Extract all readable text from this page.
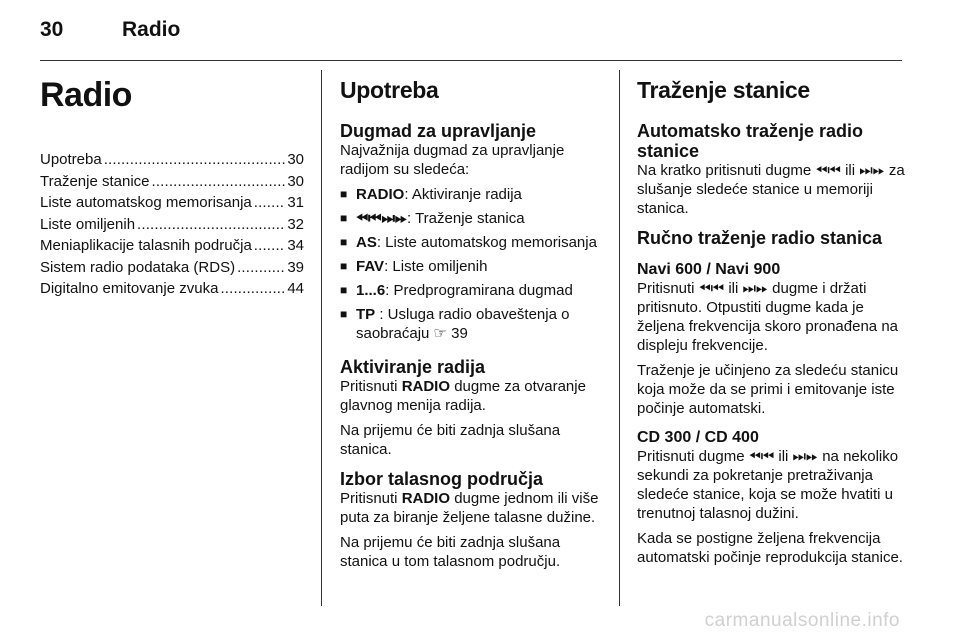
30	Radio
Radio
Upotreba . . .	30
Traženje stanice . . .	30
Liste automatskog memorisanja . . . 31
Liste omiljenih . . .	32
Meniaplikacije talasnih područja . . . 34
Sistem radio podataka (RDS) . . .	39
Digitalno emitovanje zvuka . . .	44
Upotreba
Dugmad za upravljanje

Najvažnija dugmad za upravljanje radijom su sledeća:

■ RADIO: Aktiviranje radija
■ ⏪︎⏮︎⏭︎⏩︎: Traženje stanica
■ AS: Liste automatskog memorisanja
■ FAV: Liste omiljenih
■ 1...6: Predprogramirana dugmad
■ TP : Usluga radio obaveštenja o saobraćaju ☞ 39
Aktiviranje radija

Pritisnuti RADIO dugme za otvaranje glavnog menija radija.

Na prijemu će biti zadnja slušana stanica.

Izbor talasnog područja

Pritisnuti RADIO dugme jednom ili više puta za biranje željene talasne dužine.

Na prijemu će biti zadnja slušana stanica u tom talasnom području.

Traženje stanice
Automatsko traženje radio stanice

Na kratko pritisnuti dugme ⏪︎⏮︎ ili ⏭︎⏩︎ za slušanje sledeće stanice u memoriji stanica.

Ručno traženje radio stanica
Navi 600 / Navi 900

Pritisnuti ⏪︎⏮︎ ili ⏭︎⏩︎ dugme i držati pritisnuto. Otpustiti dugme kada je željena frekvencija skoro pronađena na displeju frekvencije.

Traženje je učinjeno za sledeću stanicu koja može da se primi i emitovanje iste počinje automatski.

CD 300 / CD 400

Pritisnuti dugme ⏪︎⏮︎ ili ⏭︎⏩︎ na nekoliko sekundi za pokretanje pretraživanja sledeće stanice, koja se može hvatiti u trenutnoj talasnoj dužini.

Kada se postigne željena frekvencija automatski počinje reprodukcija stanice.

carmanualsonline.info
